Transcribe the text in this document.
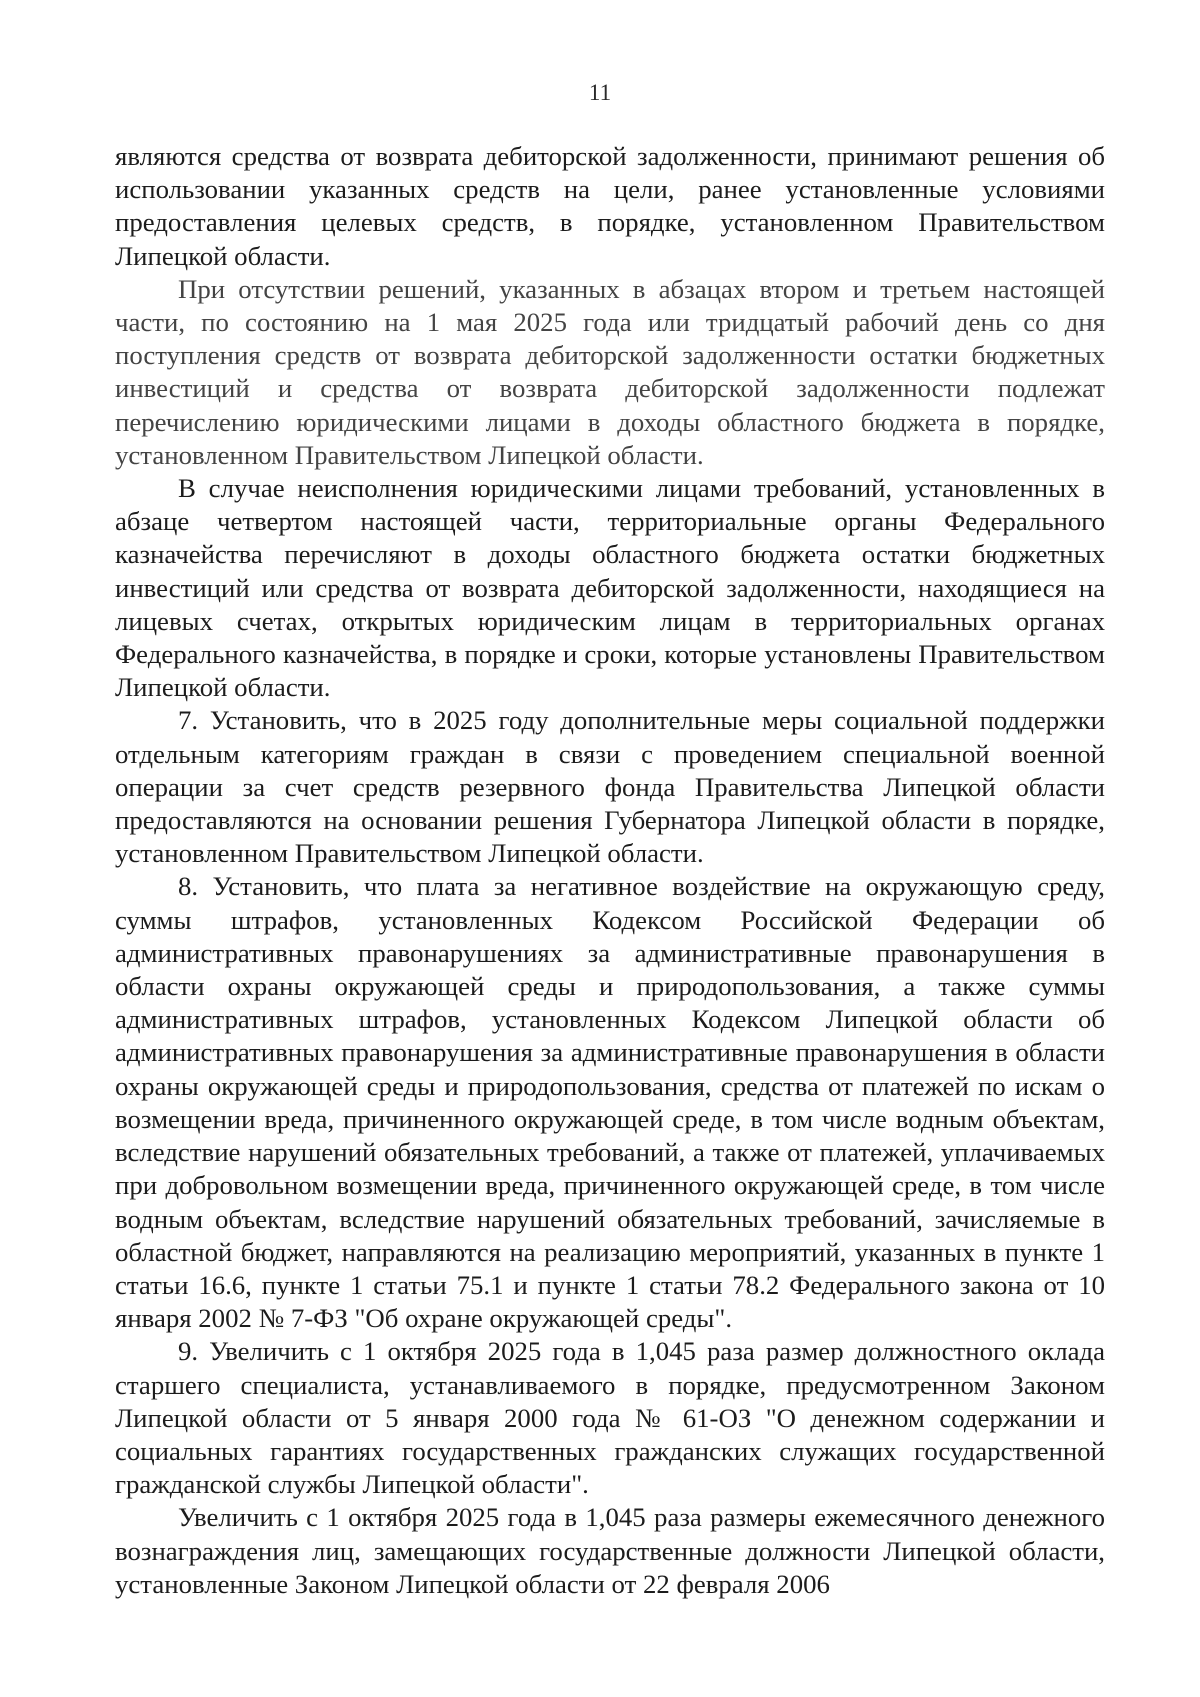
11

являются средства от возврата дебиторской задолженности, принимают решения об использовании указанных средств на цели, ранее установленные условиями предоставления целевых средств, в порядке, установленном Правительством Липецкой области.

При отсутствии решений, указанных в абзацах втором и третьем настоящей части, по состоянию на 1 мая 2025 года или тридцатый рабочий день со дня поступления средств от возврата дебиторской задолженности остатки бюджетных инвестиций и средства от возврата дебиторской задолженности подлежат перечислению юридическими лицами в доходы областного бюджета в порядке, установленном Правительством Липецкой области.

В случае неисполнения юридическими лицами требований, установленных в абзаце четвертом настоящей части, территориальные органы Федерального казначейства перечисляют в доходы областного бюджета остатки бюджетных инвестиций или средства от возврата дебиторской задолженности, находящиеся на лицевых счетах, открытых юридическим лицам в территориальных органах Федерального казначейства, в порядке и сроки, которые установлены Правительством Липецкой области.

7. Установить, что в 2025 году дополнительные меры социальной поддержки отдельным категориям граждан в связи с проведением специальной военной операции за счет средств резервного фонда Правительства Липецкой области предоставляются на основании решения Губернатора Липецкой области в порядке, установленном Правительством Липецкой области.

8. Установить, что плата за негативное воздействие на окружающую среду, суммы штрафов, установленных Кодексом Российской Федерации об административных правонарушениях за административные правонарушения в области охраны окружающей среды и природопользования, а также суммы административных штрафов, установленных Кодексом Липецкой области об административных правонарушения за административные правонарушения в области охраны окружающей среды и природопользования, средства от платежей по искам о возмещении вреда, причиненного окружающей среде, в том числе водным объектам, вследствие нарушений обязательных требований, а также от платежей, уплачиваемых при добровольном возмещении вреда, причиненного окружающей среде, в том числе водным объектам, вследствие нарушений обязательных требований, зачисляемые в областной бюджет, направляются на реализацию мероприятий, указанных в пункте 1 статьи 16.6, пункте 1 статьи 75.1 и пункте 1 статьи 78.2 Федерального закона от 10 января 2002 № 7-ФЗ "Об охране окружающей среды".

9. Увеличить с 1 октября 2025 года в 1,045 раза размер должностного оклада старшего специалиста, устанавливаемого в порядке, предусмотренном Законом Липецкой области от 5 января 2000 года № 61-ОЗ "О денежном содержании и социальных гарантиях государственных гражданских служащих государственной гражданской службы Липецкой области".

Увеличить с 1 октября 2025 года в 1,045 раза размеры ежемесячного денежного вознаграждения лиц, замещающих государственные должности Липецкой области, установленные Законом Липецкой области от 22 февраля 2006
